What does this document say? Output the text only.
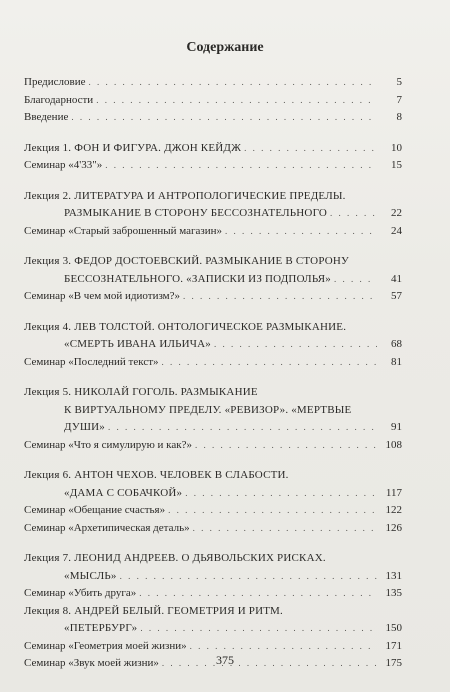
Содержание
Предисловие . . .	5
Благодарности . . .	7
Введение . . .	8
Лекция 1. ФОН И ФИГУРА. ДЖОН КЕЙДЖ . . .	10
Семинар «4'33"» . . .	15
Лекция 2. ЛИТЕРАТУРА И АНТРОПОЛОГИЧЕСКИЕ ПРЕДЕЛЫ.
РАЗМЫКАНИЕ В СТОРОНУ БЕССОЗНАТЕЛЬНОГО . . .	22
Семинар «Старый заброшенный магазин» . . .	24
Лекция 3. ФЕДОР ДОСТОЕВСКИЙ. РАЗМЫКАНИЕ В СТОРОНУ
БЕССОЗНАТЕЛЬНОГО. «ЗАПИСКИ ИЗ ПОДПОЛЬЯ» . . .	41
Семинар «В чем мой идиотизм?» . . .	57
Лекция 4. ЛЕВ ТОЛСТОЙ. ОНТОЛОГИЧЕСКОЕ РАЗМЫКАНИЕ.
«СМЕРТЬ ИВАНА ИЛЬИЧА» . . .	68
Семинар «Последний текст» . . .	81
Лекция 5. НИКОЛАЙ ГОГОЛЬ. РАЗМЫКАНИЕ
К ВИРТУАЛЬНОМУ ПРЕДЕЛУ. «РЕВИЗОР». «МЕРТВЫЕ
ДУШИ» . . .	91
Семинар «Что я симулирую и как?» . . .	108
Лекция 6. АНТОН ЧЕХОВ. ЧЕЛОВЕК В СЛАБОСТИ.
«ДАМА С СОБАЧКОЙ» . . .	117
Семинар «Обещание счастья» . . .	122
Семинар «Архетипическая деталь» . . .	126
Лекция 7. ЛЕОНИД АНДРЕЕВ. О ДЬЯВОЛЬСКИХ РИСКАХ.
«МЫСЛЬ» . . .	131
Семинар «Убить друга» . . .	135
Лекция 8. АНДРЕЙ БЕЛЫЙ. ГЕОМЕТРИЯ И РИТМ.
«ПЕТЕРБУРГ» . . .	150
Семинар «Геометрия моей жизни» . . .	171
Семинар «Звук моей жизни» . . .	175
375
